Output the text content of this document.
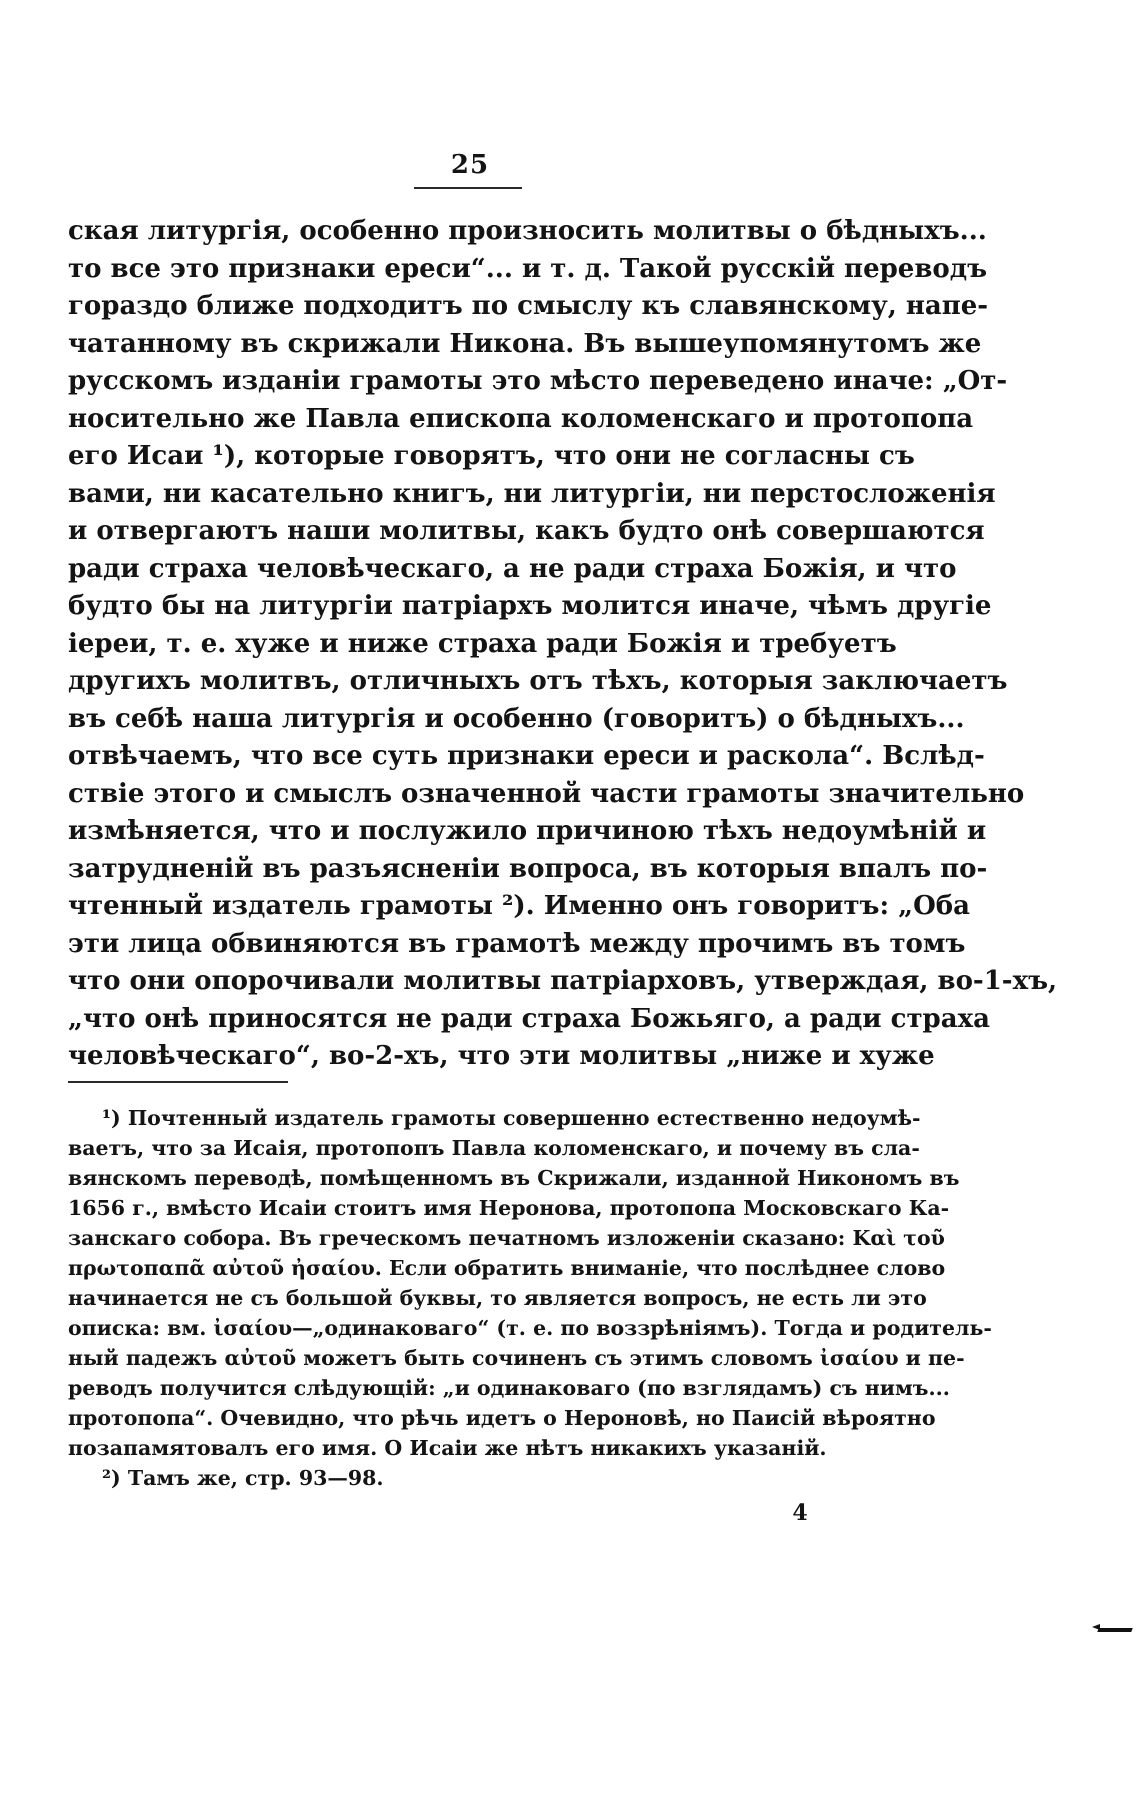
25
ская литургія, особенно произносить молитвы о бѣдныхъ...
то все это признаки ереси“... и т. д. Такой русскій переводъ
гораздо ближе подходитъ по смыслу къ славянскому, напе-
чатанному въ скрижали Никона. Въ вышеупомянутомъ же
русскомъ изданіи грамоты это мѣсто переведено иначе: „От-
носительно же Павла епископа коломенскаго и протопопа
его Исаи ¹), которые говорятъ, что они не согласны съ
вами, ни касательно книгъ, ни литургіи, ни перстосложенія
и отвергаютъ наши молитвы, какъ будто онѣ совершаются
ради страха человѣческаго, а не ради страха Божія, и что
будто бы на литургіи патріархъ молится иначе, чѣмъ другіе
іереи, т. е. хуже и ниже страха ради Божія и требуетъ
другихъ молитвъ, отличныхъ отъ тѣхъ, которыя заключаетъ
въ себѣ наша литургія и особенно (говоритъ) о бѣдныхъ...
отвѣчаемъ, что все суть признаки ереси и раскола“. Вслѣд-
ствіе этого и смыслъ означенной части грамоты значительно
измѣняется, что и послужило причиною тѣхъ недоумѣній и
затрудненій въ разъясненіи вопроса, въ которыя впалъ по-
чтенный издатель грамоты ²). Именно онъ говоритъ: „Оба
эти лица обвиняются въ грамотѣ между прочимъ въ томъ
что они опорочивали молитвы патріарховъ, утверждая, во-1-хъ,
„что онѣ приносятся не ради страха Божьяго, а ради страха
человѣческаго“, во-2-хъ, что эти молитвы „ниже и хуже
¹) Почтенный издатель грамоты совершенно естественно недоумѣ-
ваетъ, что за Исаія, протопопъ Павла коломенскаго, и почему въ сла-
вянскомъ переводѣ, помѣщенномъ въ Скрижали, изданной Никономъ въ
1656 г., вмѣсто Исаіи стоитъ имя Неронова, протопопа Московскаго Ка-
занскаго собора. Въ греческомъ печатномъ изложеніи сказано: Καὶ τοῦ
πρωτοπαπᾶ αὐτοῦ ἠσαίου. Если обратить вниманіе, что послѣднее слово
начинается не съ большой буквы, то является вопросъ, не есть ли это
описка: вм. ἰσαίου—„одинаковаго“ (т. е. по воззрѣніямъ). Тогда и родитель-
ный падежъ αὐτοῦ можетъ быть сочиненъ съ этимъ словомъ ἰσαίου и пе-
реводъ получится слѣдующій: „и одинаковаго (по взглядамъ) съ нимъ...
протопопа“. Очевидно, что рѣчь идетъ о Нероновѣ, но Паисій вѣроятно
позапамятовалъ его имя. О Исаіи же нѣтъ никакихъ указаній.
²) Тамъ же, стр. 93—98.
4
